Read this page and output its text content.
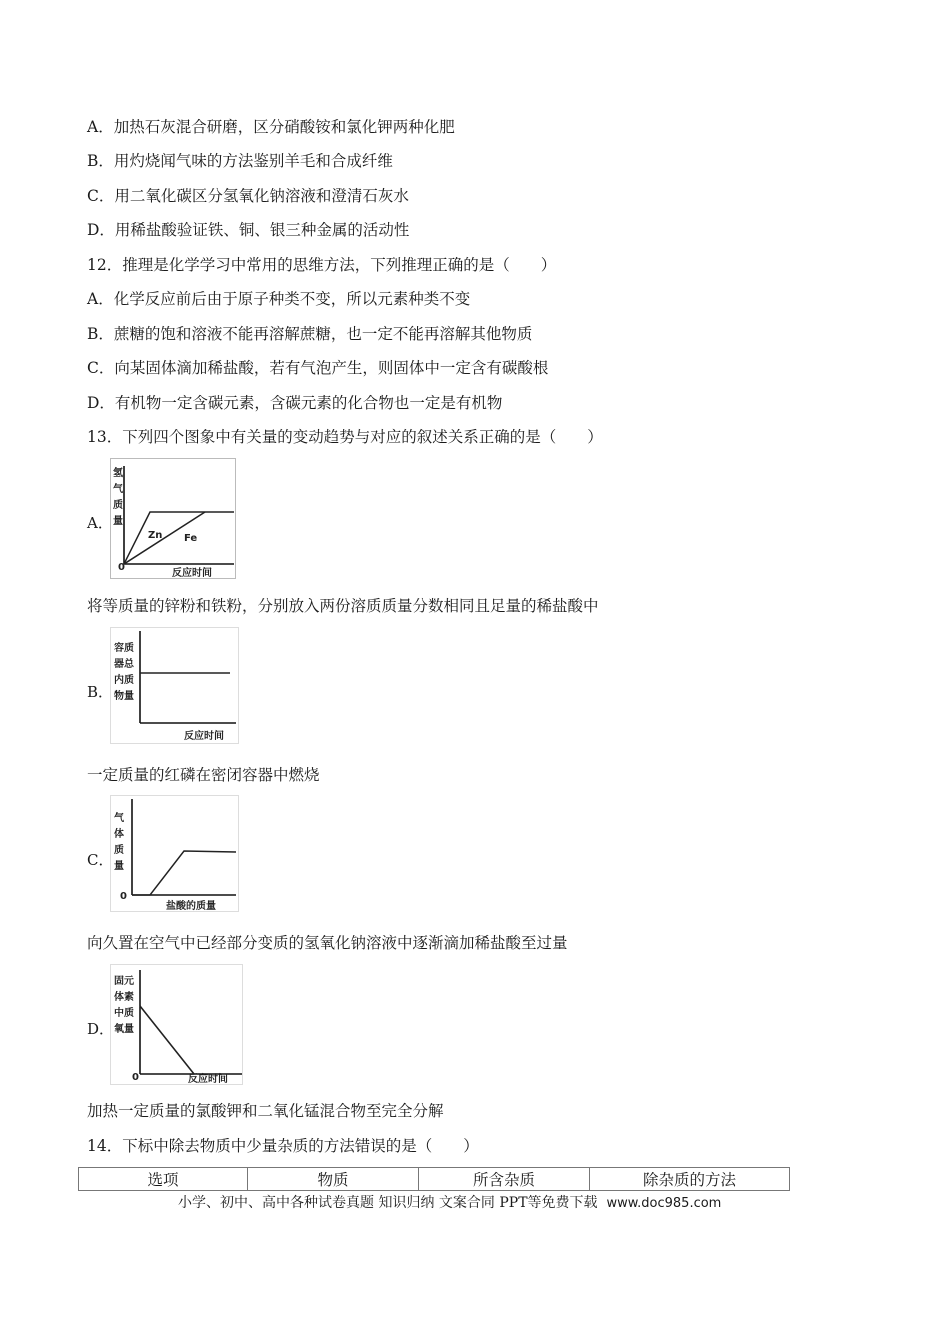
A．加热石灰混合研磨，区分硝酸铵和氯化钾两种化肥
B．用灼烧闻气味的方法鉴别羊毛和合成纤维
C．用二氧化碳区分氢氧化钠溶液和澄清石灰水
D．用稀盐酸验证铁、铜、银三种金属的活动性
12．推理是化学学习中常用的思维方法，下列推理正确的是（　　）
A．化学反应前后由于原子种类不变，所以元素种类不变
B．蔗糖的饱和溶液不能再溶解蔗糖，也一定不能再溶解其他物质
C．向某固体滴加稀盐酸，若有气泡产生，则固体中一定含有碳酸根
D．有机物一定含碳元素，含碳元素的化合物也一定是有机物
13．下列四个图象中有关量的变动趋势与对应的叙述关系正确的是（　　）
A．
氢
气
质
量
Zn Fe
0
反应时间
将等质量的锌粉和铁粉，分别放入两份溶质质量分数相同且足量的稀盐酸中
B．
容质
器总
内质
物量
反应时间
一定质量的红磷在密闭容器中燃烧
C．
气
体
质
量
0
盐酸的质量
向久置在空气中已经部分变质的氢氧化钠溶液中逐渐滴加稀盐酸至过量
D．
固元
体素
中质
氧量
0	反应时间
加热一定质量的氯酸钾和二氧化锰混合物至完全分解
14．下标中除去物质中少量杂质的方法错误的是（　　）
选项	物质	所含杂质	除杂质的方法
小学、初中、高中各种试卷真题 知识归纳 文案合同 PPT等免费下载 www.doc985.com
